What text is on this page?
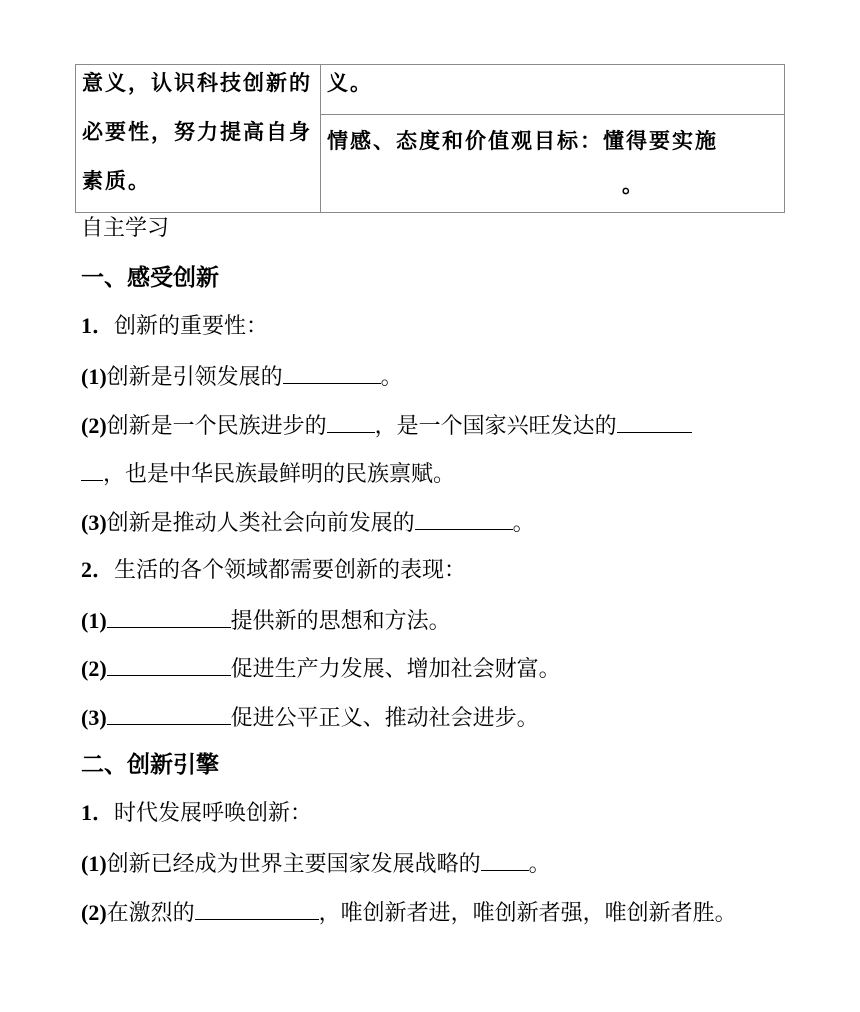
意义，认识科技创新的
必要性，努力提高自身
素质。
	义。

情感、态度和价值观目标：懂得要实施
。
自主学习
一、感受创新
1．创新的重要性：
(1)创新是引领发展的	。
(2)创新是一个民族进步的 ，是一个国家兴旺发达的
，也是中华民族最鲜明的民族禀赋。
(3)创新是推动人类社会向前发展的	。
2．生活的各个领域都需要创新的表现：
(1)	提供新的思想和方法。
(2)	促进生产力发展、增加社会财富。
(3)	促进公平正义、推动社会进步。
二、创新引擎
1．时代发展呼唤创新：
(1)创新已经成为世界主要国家发展战略的 。
(2)在激烈的	，唯创新者进，唯创新者强，唯创新者胜。
